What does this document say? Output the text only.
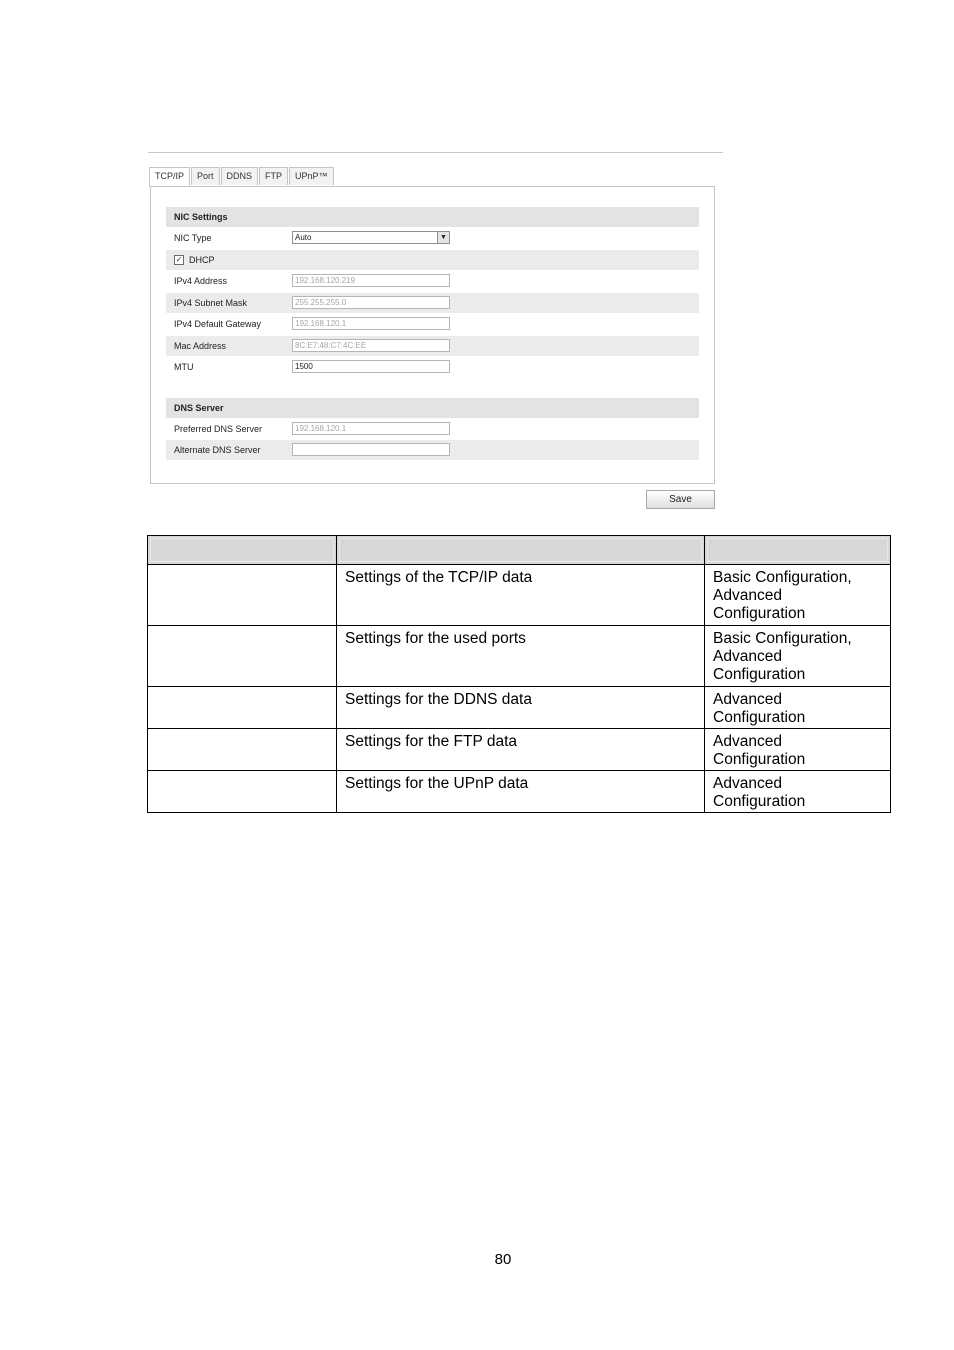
TCP/IP	Port	DDNS	FTP	UPnP™
NIC Settings
NIC Type	Auto	▼
✓ DHCP
IPv4 Address	192.168.120.219
IPv4 Subnet Mask	255.255.255.0
IPv4 Default Gateway	192.168.120.1
Mac Address	8C:E7:48:C7:4C:EE
MTU	1500
DNS Server
Preferred DNS Server	192.168.120.1
Alternate DNS Server
Save

	Settings of the TCP/IP data	Basic Configuration,
Advanced
Configuration

	Settings for the used ports	Basic Configuration,
Advanced
Configuration

	Settings for the DDNS data	Advanced
Configuration

	Settings for the FTP data	Advanced
Configuration

	Settings for the UPnP data	Advanced
Configuration
80
